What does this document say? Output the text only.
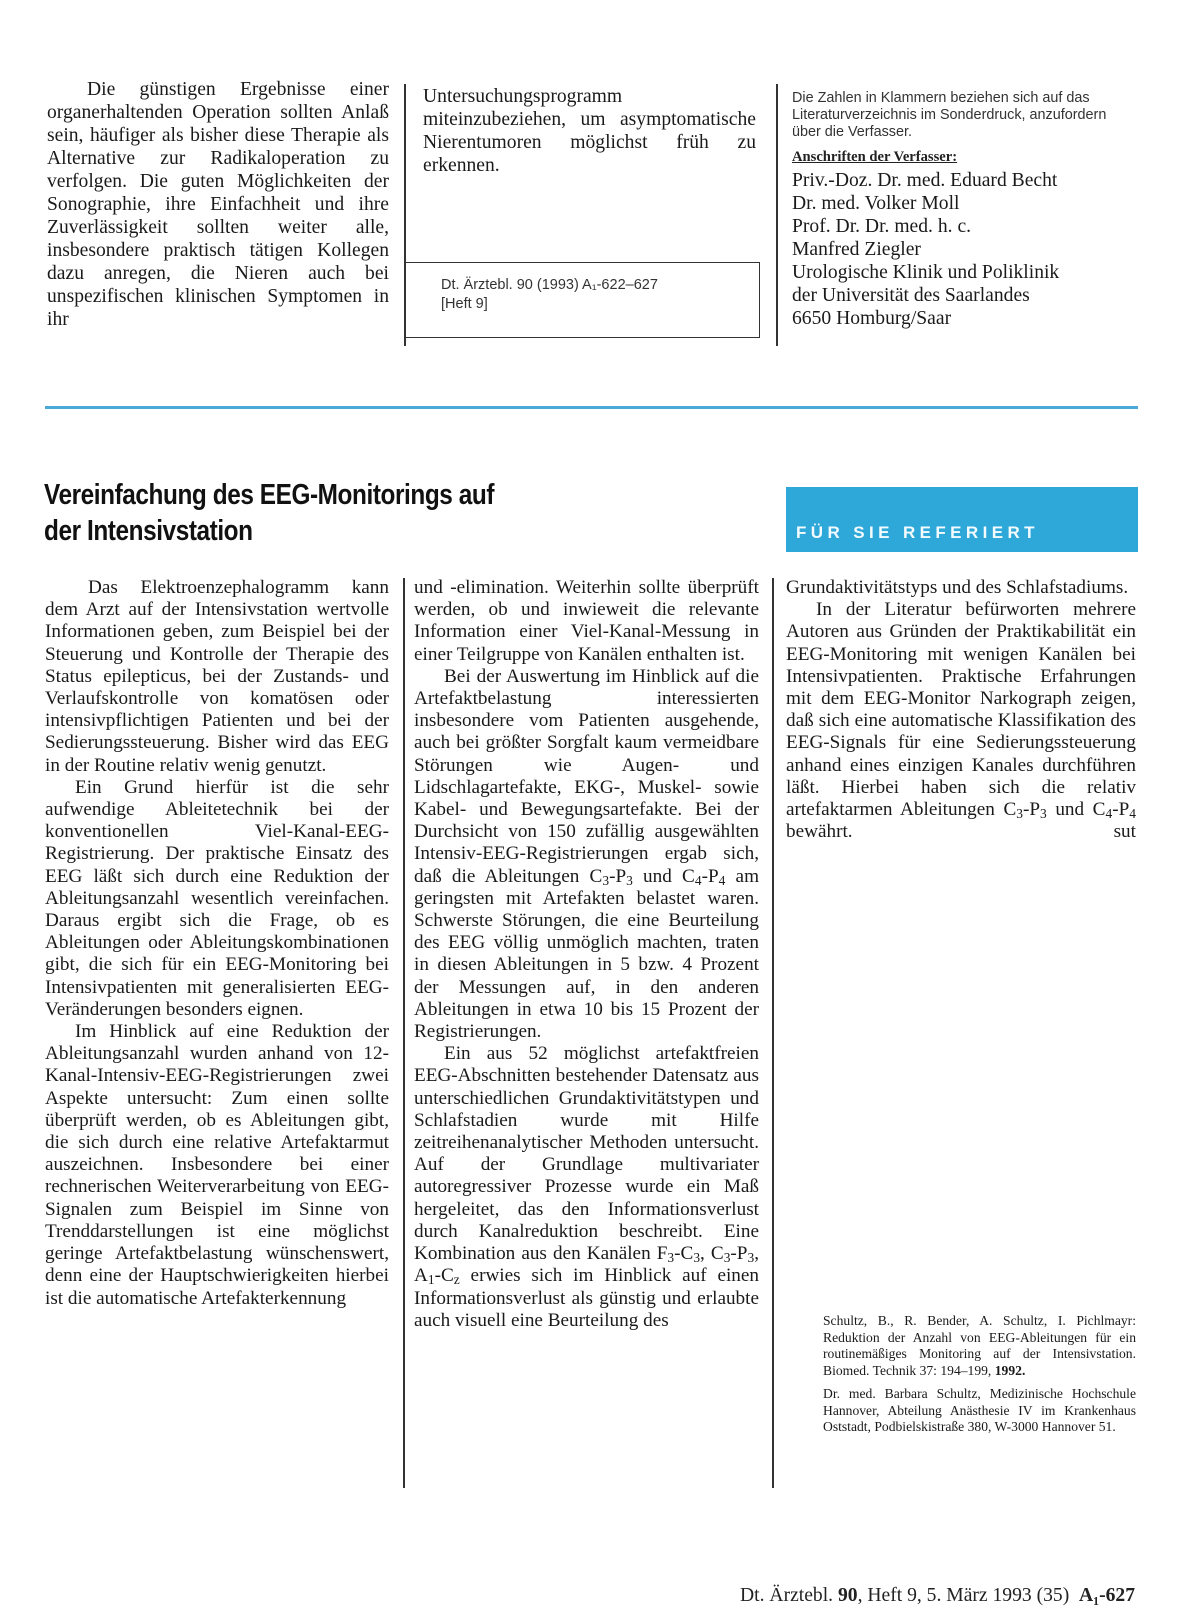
Die günstigen Ergebnisse einer organerhaltenden Operation sollten Anlaß sein, häufiger als bisher diese Therapie als Alternative zur Radikaloperation zu verfolgen. Die guten Möglichkeiten der Sonographie, ihre Einfachheit und ihre Zuverlässigkeit sollten weiter alle, insbesondere praktisch tätigen Kollegen dazu anregen, die Nieren auch bei unspezifischen klinischen Symptomen in ihr

Untersuchungsprogramm miteinzubeziehen, um asymptomatische Nierentumoren möglichst früh zu erkennen.

Dt. Ärztebl. 90 (1993) A₁-622–627
[Heft 9]
Die Zahlen in Klammern beziehen sich auf das Literaturverzeichnis im Sonderdruck, anzufordern über die Verfasser.
Anschriften der Verfasser:
Priv.-Doz. Dr. med. Eduard Becht
Dr. med. Volker Moll
Prof. Dr. Dr. med. h. c.
Manfred Ziegler
Urologische Klinik und Poliklinik
der Universität des Saarlandes
6650 Homburg/Saar
Vereinfachung des EEG-Monitorings auf
der Intensivstation	FÜR SIE REFERIERT

Das Elektroenzephalogramm kann dem Arzt auf der Intensivstation wertvolle Informationen geben, zum Beispiel bei der Steuerung und Kontrolle der Therapie des Status epilepticus, bei der Zustands- und Verlaufskontrolle von komatösen oder intensivpflichtigen Patienten und bei der Sedierungssteuerung. Bisher wird das EEG in der Routine relativ wenig genutzt.

Ein Grund hierfür ist die sehr aufwendige Ableitetechnik bei der konventionellen Viel-Kanal-EEG-Registrierung. Der praktische Einsatz des EEG läßt sich durch eine Reduktion der Ableitungsanzahl wesentlich vereinfachen. Daraus ergibt sich die Frage, ob es Ableitungen oder Ableitungskombinationen gibt, die sich für ein EEG-Monitoring bei Intensivpatienten mit generalisierten EEG-Veränderungen besonders eignen.

Im Hinblick auf eine Reduktion der Ableitungsanzahl wurden anhand von 12-Kanal-Intensiv-EEG-Registrierungen zwei Aspekte untersucht: Zum einen sollte überprüft werden, ob es Ableitungen gibt, die sich durch eine relative Artefaktarmut auszeichnen. Insbesondere bei einer rechnerischen Weiterverarbeitung von EEG-Signalen zum Beispiel im Sinne von Trenddarstellungen ist eine möglichst geringe Artefaktbelastung wünschenswert, denn eine der Hauptschwierigkeiten hierbei ist die automatische Artefakterkennung

und -elimination. Weiterhin sollte überprüft werden, ob und inwieweit die relevante Information einer Viel-Kanal-Messung in einer Teilgruppe von Kanälen enthalten ist.

Bei der Auswertung im Hinblick auf die Artefaktbelastung interessierten insbesondere vom Patienten ausgehende, auch bei größter Sorgfalt kaum vermeidbare Störungen wie Augen- und Lidschlagartefakte, EKG-, Muskel- sowie Kabel- und Bewegungsartefakte. Bei der Durchsicht von 150 zufällig ausgewählten Intensiv-EEG-Registrierungen ergab sich, daß die Ableitungen $C_3-P_3$ und $C_4-P_4$ am geringsten mit Artefakten belastet waren. Schwerste Störungen, die eine Beurteilung des EEG völlig unmöglich machten, traten in diesen Ableitungen in 5 bzw. 4 Prozent der Messungen auf, in den anderen Ableitungen in etwa 10 bis 15 Prozent der Registrierungen.

Ein aus 52 möglichst artefaktfreien EEG-Abschnitten bestehender Datensatz aus unterschiedlichen Grundaktivitätstypen und Schlafstadien wurde mit Hilfe zeitreihenanalytischer Methoden untersucht. Auf der Grundlage multivariater autoregressiver Prozesse wurde ein Maß hergeleitet, das den Informationsverlust durch Kanalreduktion beschreibt. Eine Kombination aus den Kanälen $F_3-C_3$, $C_3-P_3$, $A_1-C_z$ erwies sich im Hinblick auf einen Informationsverlust als günstig und erlaubte auch visuell eine Beurteilung des

Grundaktivitätstyps und des Schlafstadiums.

In der Literatur befürworten mehrere Autoren aus Gründen der Praktikabilität ein EEG-Monitoring mit wenigen Kanälen bei Intensivpatienten. Praktische Erfahrungen mit dem EEG-Monitor Narkograph zeigen, daß sich eine automatische Klassifikation des EEG-Signals für eine Sedierungssteuerung anhand eines einzigen Kanales durchführen läßt. Hierbei haben sich die relativ artefaktarmen Ableitungen $C_3-P_3$ und $C_4-P_4$ bewährt.	sut

Schultz, B., R. Bender, A. Schultz, I. Pichlmayr: Reduktion der Anzahl von EEG-Ableitungen für ein routinemäßiges Monitoring auf der Intensivstation. Biomed. Technik 37: 194–199, 1992.

Dr. med. Barbara Schultz, Medizinische Hochschule Hannover, Abteilung Anästhesie IV im Krankenhaus Oststadt, Podbielskistraße 380, W-3000 Hannover 51.

Dt. Ärztebl. 90, Heft 9, 5. März 1993 (35) A₁-627
